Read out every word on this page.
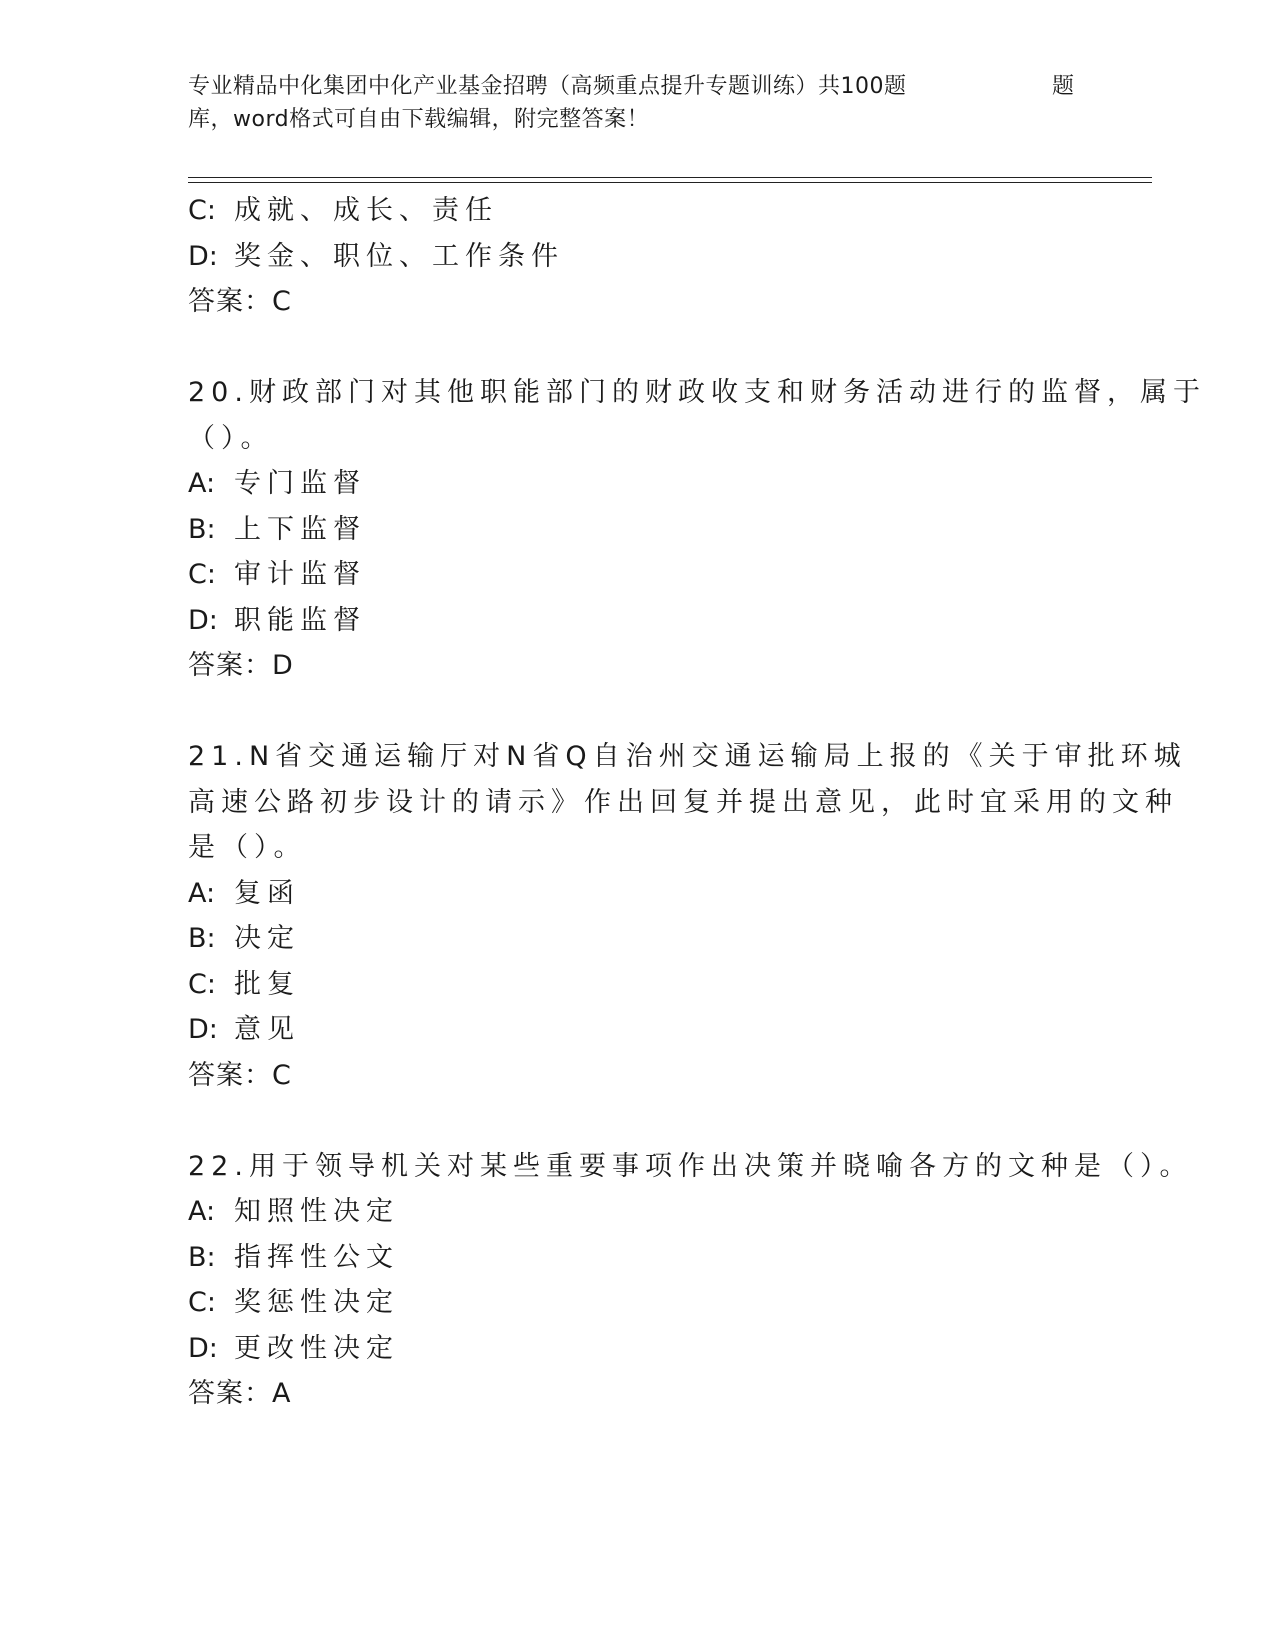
专业精品中化集团中化产业基金招聘（高频重点提升专题训练）共100题
库，word格式可自由下载编辑，附完整答案！
题
C: 成就、成长、责任
D: 奖金、职位、工作条件
答案：C
20.财政部门对其他职能部门的财政收支和财务活动进行的监督，属于
（）。
A: 专门监督
B: 上下监督
C: 审计监督
D: 职能监督
答案：D
21.N省交通运输厅对N省Q自治州交通运输局上报的《关于审批环城
高速公路初步设计的请示》作出回复并提出意见，此时宜采用的文种
是（）。
A: 复函
B: 决定
C: 批复
D: 意见
答案：C
22.用于领导机关对某些重要事项作出决策并晓喻各方的文种是（）。
A: 知照性决定
B: 指挥性公文
C: 奖惩性决定
D: 更改性决定
答案：A
